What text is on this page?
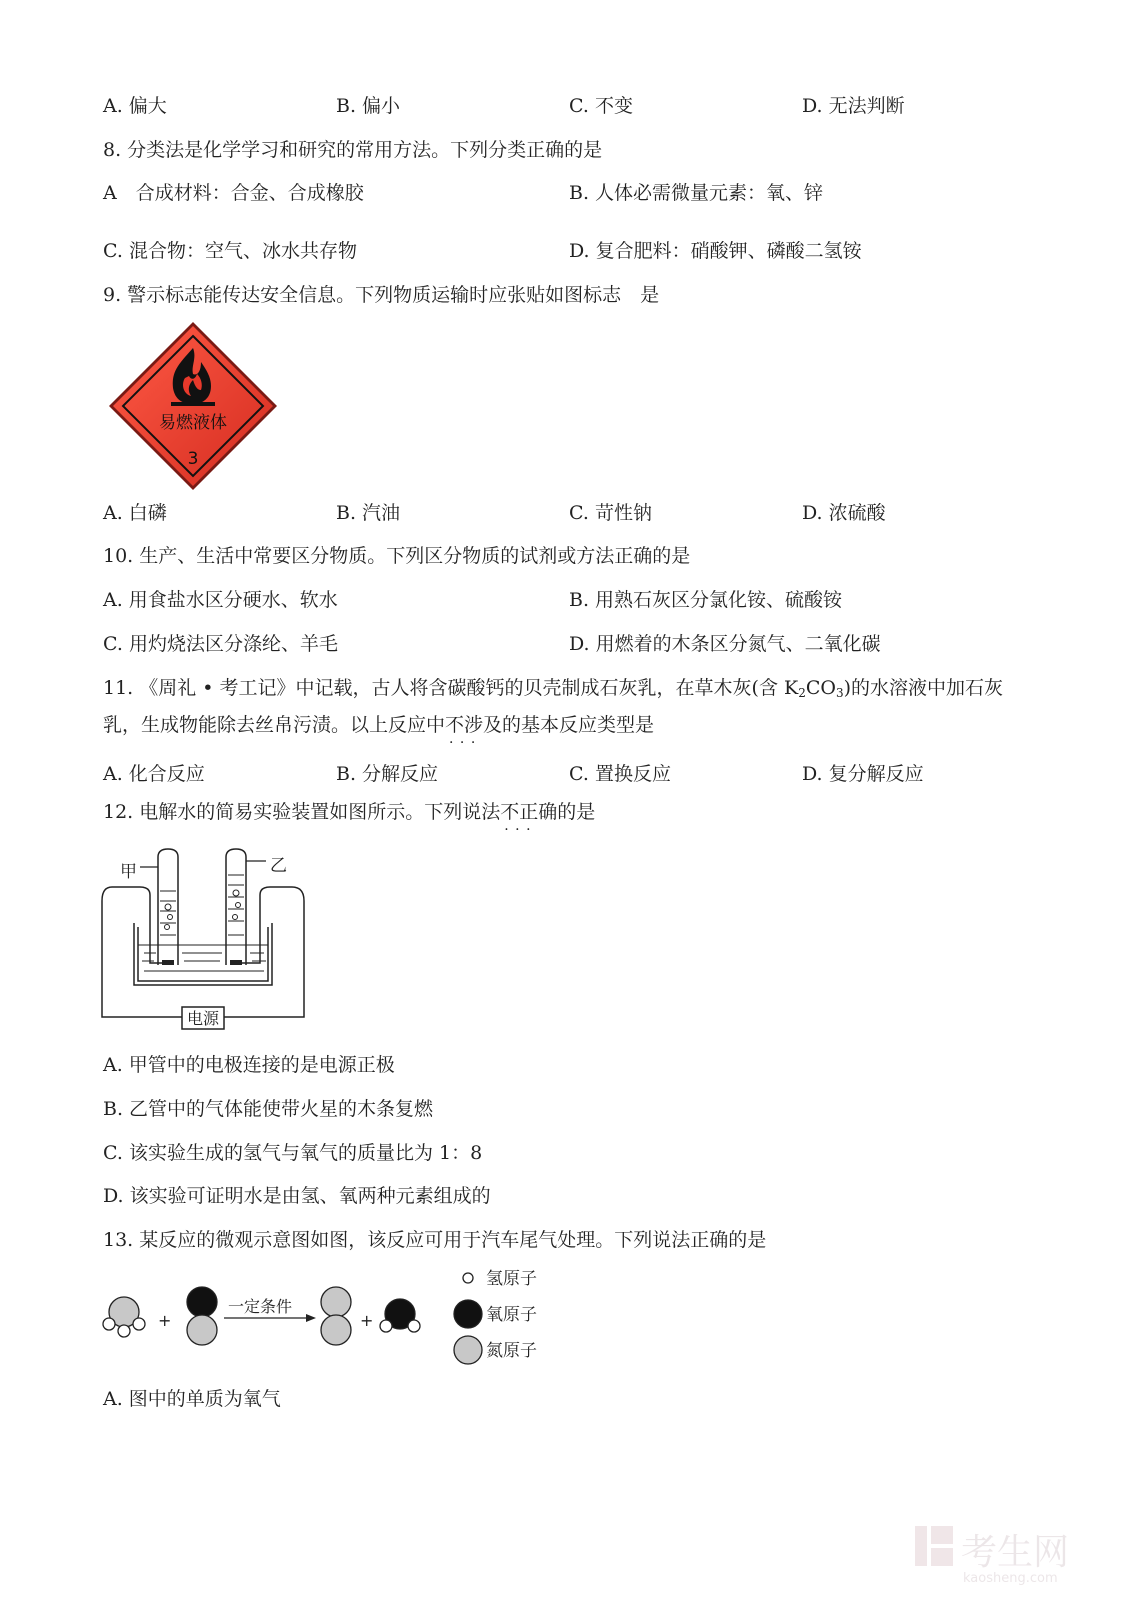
A. 偏大	B. 偏小	C. 不变	D. 无法判断
8. 分类法是化学学习和研究的常用方法。下列分类正确的是
A　合成材料：合金、合成橡胶	B. 人体必需微量元素：氧、锌
C. 混合物：空气、冰水共存物	D. 复合肥料：硝酸钾、磷酸二氢铵
9. 警示标志能传达安全信息。下列物质运输时应张贴如图标志　是
易燃液体
3
A. 白磷	B. 汽油	C. 苛性钠	D. 浓硫酸
10. 生产、生活中常要区分物质。下列区分物质的试剂或方法正确的是
A. 用食盐水区分硬水、软水	B. 用熟石灰区分氯化铵、硫酸铵
C. 用灼烧法区分涤纶、羊毛	D. 用燃着的木条区分氮气、二氧化碳
11. 《周礼 • 考工记》中记载，古人将含碳酸钙的贝壳制成石灰乳，在草木灰(含 $K_2CO_3$)的水溶液中加石灰
乳，生成物能除去丝帛污渍。以上反应中不涉及 · · ·的基本反应类型是
A. 化合反应	B. 分解反应	C. 置换反应	D. 复分解反应
12. 电解水的简易实验装置如图所示。下列说法不正确 · · ·的是
甲	乙
电源
A. 甲管中的电极连接的是电源正极
B. 乙管中的气体能使带火星的木条复燃
C. 该实验生成的氢气与氧气的质量比为 1：8
D. 该实验可证明水是由氢、氧两种元素组成的
13. 某反应的微观示意图如图，该反应可用于汽车尾气处理。下列说法正确的是
+	+
一定条件
氢原子
氧原子
氮原子
A. 图中的单质为氧气
考生网
kaosheng.com
